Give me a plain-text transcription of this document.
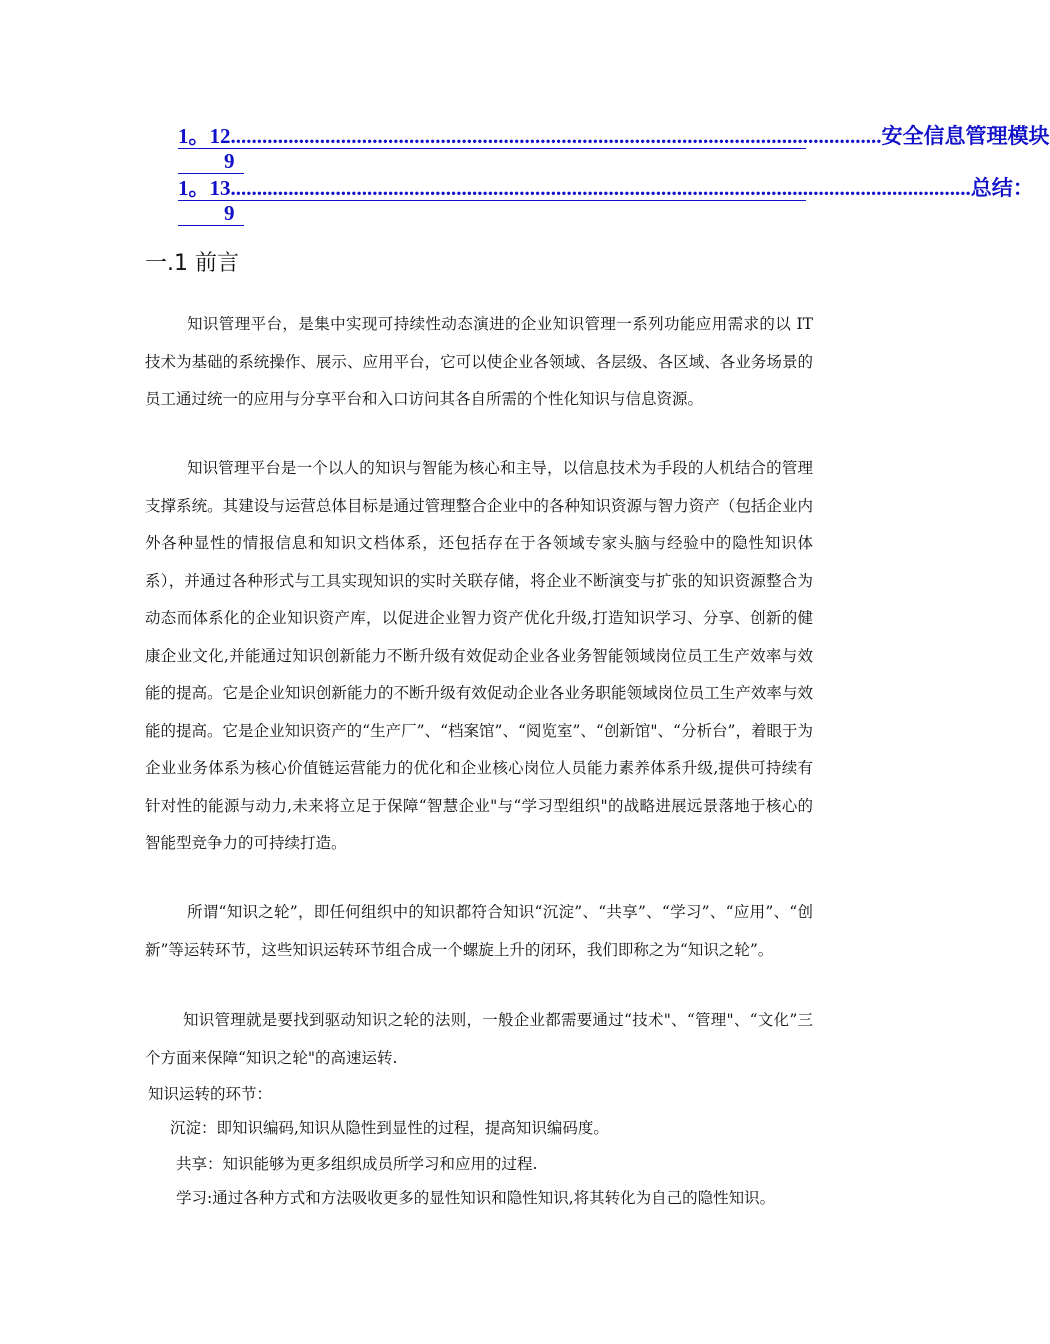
1。12 ............................................................................................................................ 安全信息管理模块
9
1。13. ............................................................................................................................................ 总结：
9
一.1 前言

知识管理平台，是集中实现可持续性动态演进的企业知识管理一系列功能应用需求的以 IT 技术为基础的系统操作、展示、应用平台，它可以使企业各领域、各层级、各区域、各业务场景的员工通过统一的应用与分享平台和入口访问其各自所需的个性化知识与信息资源。

知识管理平台是一个以人的知识与智能为核心和主导，以信息技术为手段的人机结合的管理支撑系统。其建设与运营总体目标是通过管理整合企业中的各种知识资源与智力资产（包括企业内外各种显性的情报信息和知识文档体系，还包括存在于各领域专家头脑与经验中的隐性知识体系），并通过各种形式与工具实现知识的实时关联存储，将企业不断演变与扩张的知识资源整合为动态而体系化的企业知识资产库，以促进企业智力资产优化升级,打造知识学习、分享、创新的健康企业文化,并能通过知识创新能力不断升级有效促动企业各业务智能领域岗位员工生产效率与效能的提高。它是企业知识创新能力的不断升级有效促动企业各业务职能领域岗位员工生产效率与效能的提高。它是企业知识资产的“生产厂”、“档案馆”、“阅览室”、“创新馆"、“分析台”，着眼于为企业业务体系为核心价值链运营能力的优化和企业核心岗位人员能力素养体系升级,提供可持续有针对性的能源与动力,未来将立足于保障“智慧企业"与“学习型组织"的战略进展远景落地于核心的智能型竞争力的可持续打造。

所谓“知识之轮”，即任何组织中的知识都符合知识“沉淀”、“共享”、“学习”、“应用”、“创新”等运转环节，这些知识运转环节组合成一个螺旋上升的闭环，我们即称之为“知识之轮”。

知识管理就是要找到驱动知识之轮的法则，一般企业都需要通过“技术"、“管理"、“文化”三个方面来保障“知识之轮"的高速运转.

知识运转的环节：

沉淀：即知识编码,知识从隐性到显性的过程，提高知识编码度。

共享：知识能够为更多组织成员所学习和应用的过程.

学习:通过各种方式和方法吸收更多的显性知识和隐性知识,将其转化为自己的隐性知识。
